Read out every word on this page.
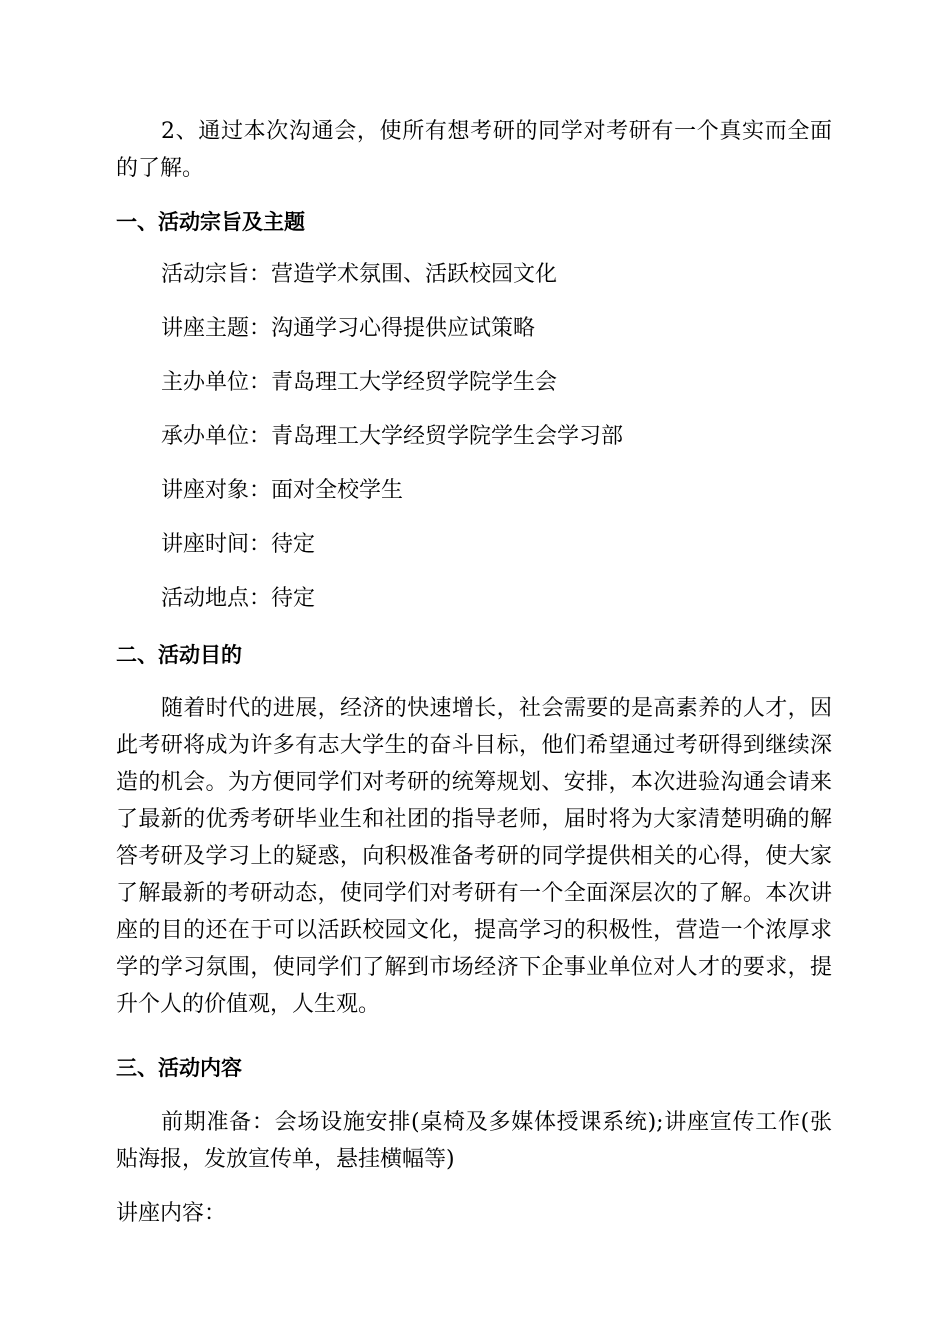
2、通过本次沟通会，使所有想考研的同学对考研有一个真实而全面的了解。

一、活动宗旨及主题
活动宗旨：营造学术氛围、活跃校园文化
讲座主题：沟通学习心得提供应试策略
主办单位：青岛理工大学经贸学院学生会
承办单位：青岛理工大学经贸学院学生会学习部
讲座对象：面对全校学生
讲座时间：待定
活动地点：待定
二、活动目的

随着时代的进展，经济的快速增长，社会需要的是高素养的人才，因此考研将成为许多有志大学生的奋斗目标，他们希望通过考研得到继续深造的机会。为方便同学们对考研的统筹规划、安排，本次进验沟通会请来了最新的优秀考研毕业生和社团的指导老师，届时将为大家清楚明确的解答考研及学习上的疑惑，向积极准备考研的同学提供相关的心得，使大家了解最新的考研动态，使同学们对考研有一个全面深层次的了解。本次讲座的目的还在于可以活跃校园文化，提高学习的积极性，营造一个浓厚求学的学习氛围，使同学们了解到市场经济下企事业单位对人才的要求，提升个人的价值观，人生观。

三、活动内容

前期准备：会场设施安排(桌椅及多媒体授课系统);讲座宣传工作(张贴海报，发放宣传单，悬挂横幅等)

讲座内容：
